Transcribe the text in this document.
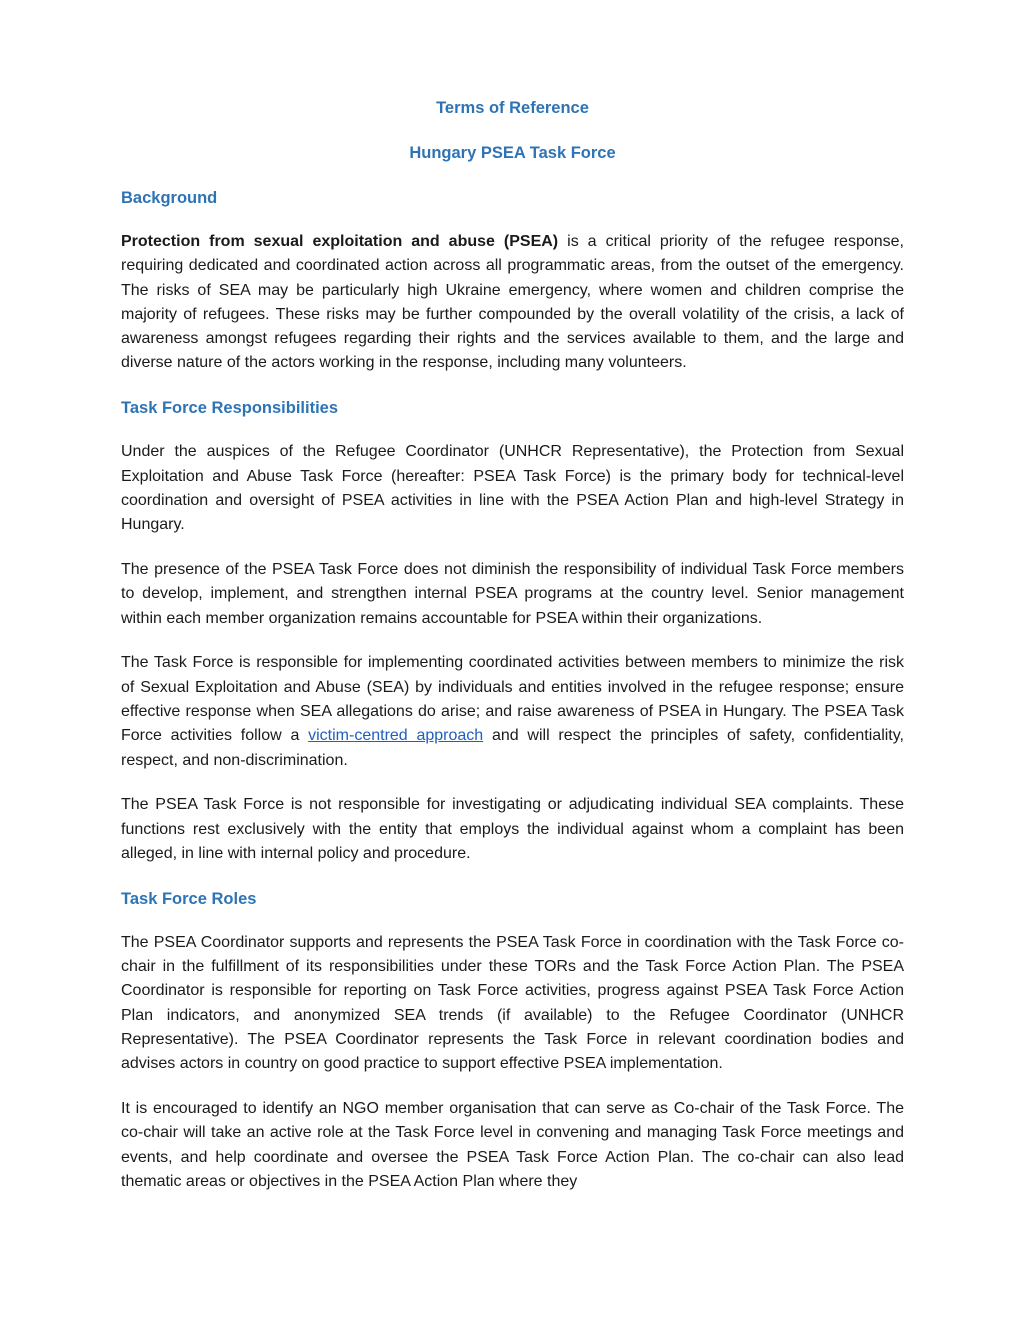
Terms of Reference
Hungary PSEA Task Force
Background

Protection from sexual exploitation and abuse (PSEA) is a critical priority of the refugee response, requiring dedicated and coordinated action across all programmatic areas, from the outset of the emergency. The risks of SEA may be particularly high Ukraine emergency, where women and children comprise the majority of refugees. These risks may be further compounded by the overall volatility of the crisis, a lack of awareness amongst refugees regarding their rights and the services available to them, and the large and diverse nature of the actors working in the response, including many volunteers.

Task Force Responsibilities

Under the auspices of the Refugee Coordinator (UNHCR Representative), the Protection from Sexual Exploitation and Abuse Task Force (hereafter: PSEA Task Force) is the primary body for technical-level coordination and oversight of PSEA activities in line with the PSEA Action Plan and high-level Strategy in Hungary.

The presence of the PSEA Task Force does not diminish the responsibility of individual Task Force members to develop, implement, and strengthen internal PSEA programs at the country level. Senior management within each member organization remains accountable for PSEA within their organizations.

The Task Force is responsible for implementing coordinated activities between members to minimize the risk of Sexual Exploitation and Abuse (SEA) by individuals and entities involved in the refugee response; ensure effective response when SEA allegations do arise; and raise awareness of PSEA in Hungary. The PSEA Task Force activities follow a victim-centred approach and will respect the principles of safety, confidentiality, respect, and non-discrimination.

The PSEA Task Force is not responsible for investigating or adjudicating individual SEA complaints. These functions rest exclusively with the entity that employs the individual against whom a complaint has been alleged, in line with internal policy and procedure.

Task Force Roles

The PSEA Coordinator supports and represents the PSEA Task Force in coordination with the Task Force co- chair in the fulfillment of its responsibilities under these TORs and the Task Force Action Plan. The PSEA Coordinator is responsible for reporting on Task Force activities, progress against PSEA Task Force Action Plan indicators, and anonymized SEA trends (if available) to the Refugee Coordinator (UNHCR Representative). The PSEA Coordinator represents the Task Force in relevant coordination bodies and advises actors in country on good practice to support effective PSEA implementation.

It is encouraged to identify an NGO member organisation that can serve as Co-chair of the Task Force. The co-chair will take an active role at the Task Force level in convening and managing Task Force meetings and events, and help coordinate and oversee the PSEA Task Force Action Plan. The co-chair can also lead thematic areas or objectives in the PSEA Action Plan where they
